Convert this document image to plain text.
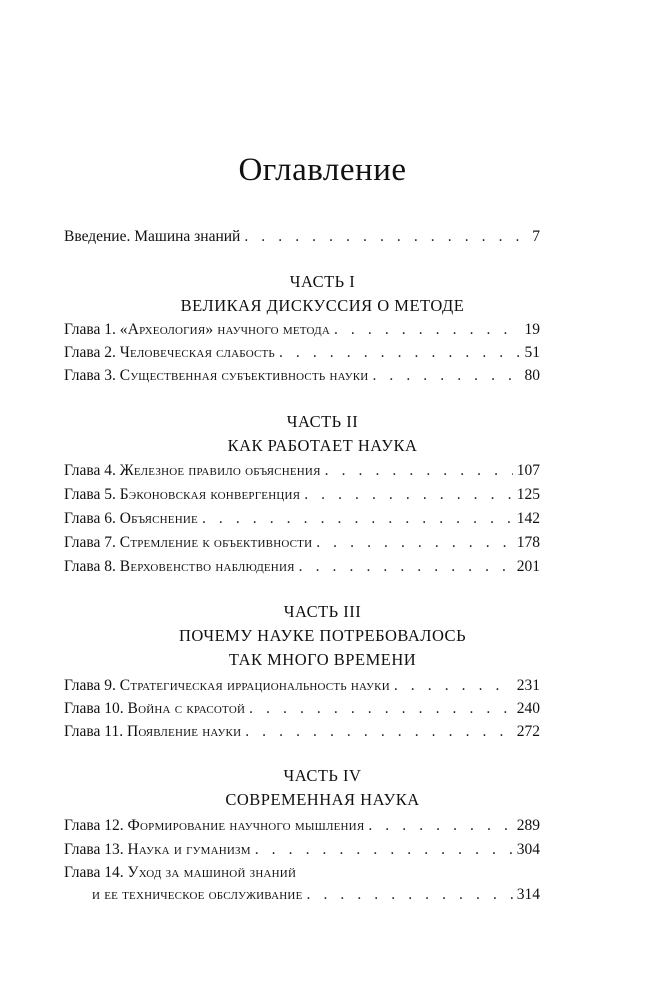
Оглавление
Введение. Машина знаний . . .	7
ЧАСТЬ I
ВЕЛИКАЯ ДИСКУССИЯ О МЕТОДЕ
Глава 1. «Археология» научного метода . . .	19
Глава 2. Человеческая слабость . . .	51
Глава 3. Существенная субъективность науки . . .	80
ЧАСТЬ II
КАК РАБОТАЕТ НАУКА
Глава 4. Железное правило объяснения . . .	107
Глава 5. Бэконовская конвергенция . . .	125
Глава 6. Объяснение . . .	142
Глава 7. Стремление к объективности . . .	178
Глава 8. Верховенство наблюдения . . .	201
ЧАСТЬ III
ПОЧЕМУ НАУКЕ ПОТРЕБОВАЛОСЬ
ТАК МНОГО ВРЕМЕНИ
Глава 9. Стратегическая иррациональность науки . . .	231
Глава 10. Война с красотой . . .	240
Глава 11. Появление науки . . .	272
ЧАСТЬ IV
СОВРЕМЕННАЯ НАУКА
Глава 12. Формирование научного мышления . . .	289
Глава 13. Наука и гуманизм . . .	304
Глава 14. Уход за машиной знаний
и ее техническое обслуживание . . .	314
